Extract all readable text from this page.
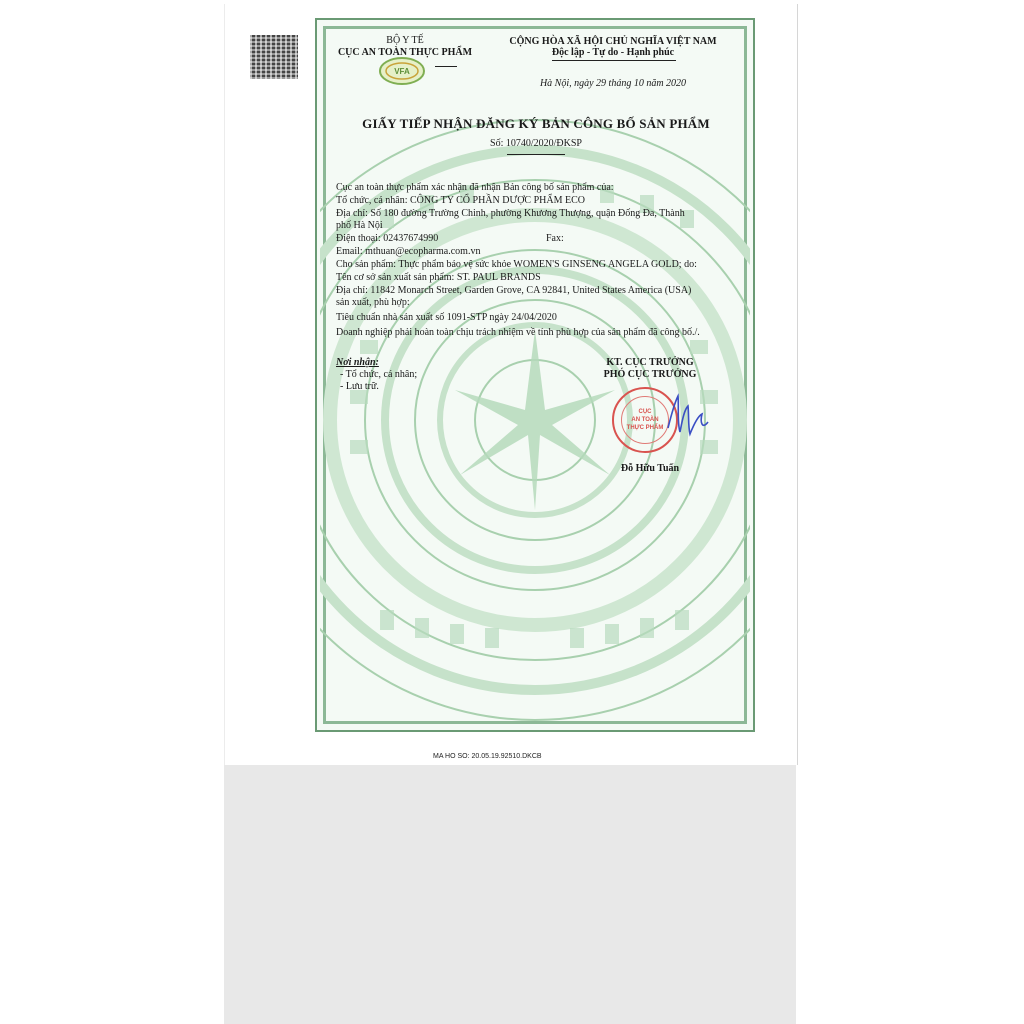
BỘ Y TẾ
CỤC AN TOÀN THỰC PHẨM
VFA
CỘNG HÒA XÃ HỘI CHỦ NGHĨA VIỆT NAM
Độc lập - Tự do - Hạnh phúc
Hà Nội, ngày 29 tháng 10 năm 2020
GIẤY TIẾP NHẬN ĐĂNG KÝ BẢN CÔNG BỐ SẢN PHẨM
Số: 10740/2020/ĐKSP
Cục an toàn thực phẩm xác nhận đã nhận Bản công bố sản phẩm của:
Tổ chức, cá nhân: CÔNG TY CỔ PHẦN DƯỢC PHẨM ECO
Địa chỉ: Số 180 đường Trường Chinh, phường Khương Thượng, quận Đống Đa, Thành
phố Hà Nội
Điện thoại: 02437674990	Fax:
Email: mthuan@ecopharma.com.vn
Cho sản phẩm: Thực phẩm bảo vệ sức khỏe WOMEN'S GINSENG ANGELA GOLD; do:
Tên cơ sở sản xuất sản phẩm: ST. PAUL BRANDS
Địa chỉ: 11842 Monarch Street, Garden Grove, CA 92841, United States America (USA)
sản xuất, phù hợp:
Tiêu chuẩn nhà sản xuất số 1091-STP ngày 24/04/2020
Doanh nghiệp phải hoàn toàn chịu trách nhiệm về tính phù hợp của sản phẩm đã công bố./.
Nơi nhận:
- Tổ chức, cá nhân;
- Lưu trữ.
KT. CỤC TRƯỞNG
PHÓ CỤC TRƯỞNG
CỤC
AN TOÀN
THỰC PHẨM
Đỗ Hữu Tuấn
MA HO SO: 20.05.19.92510.DKCB
